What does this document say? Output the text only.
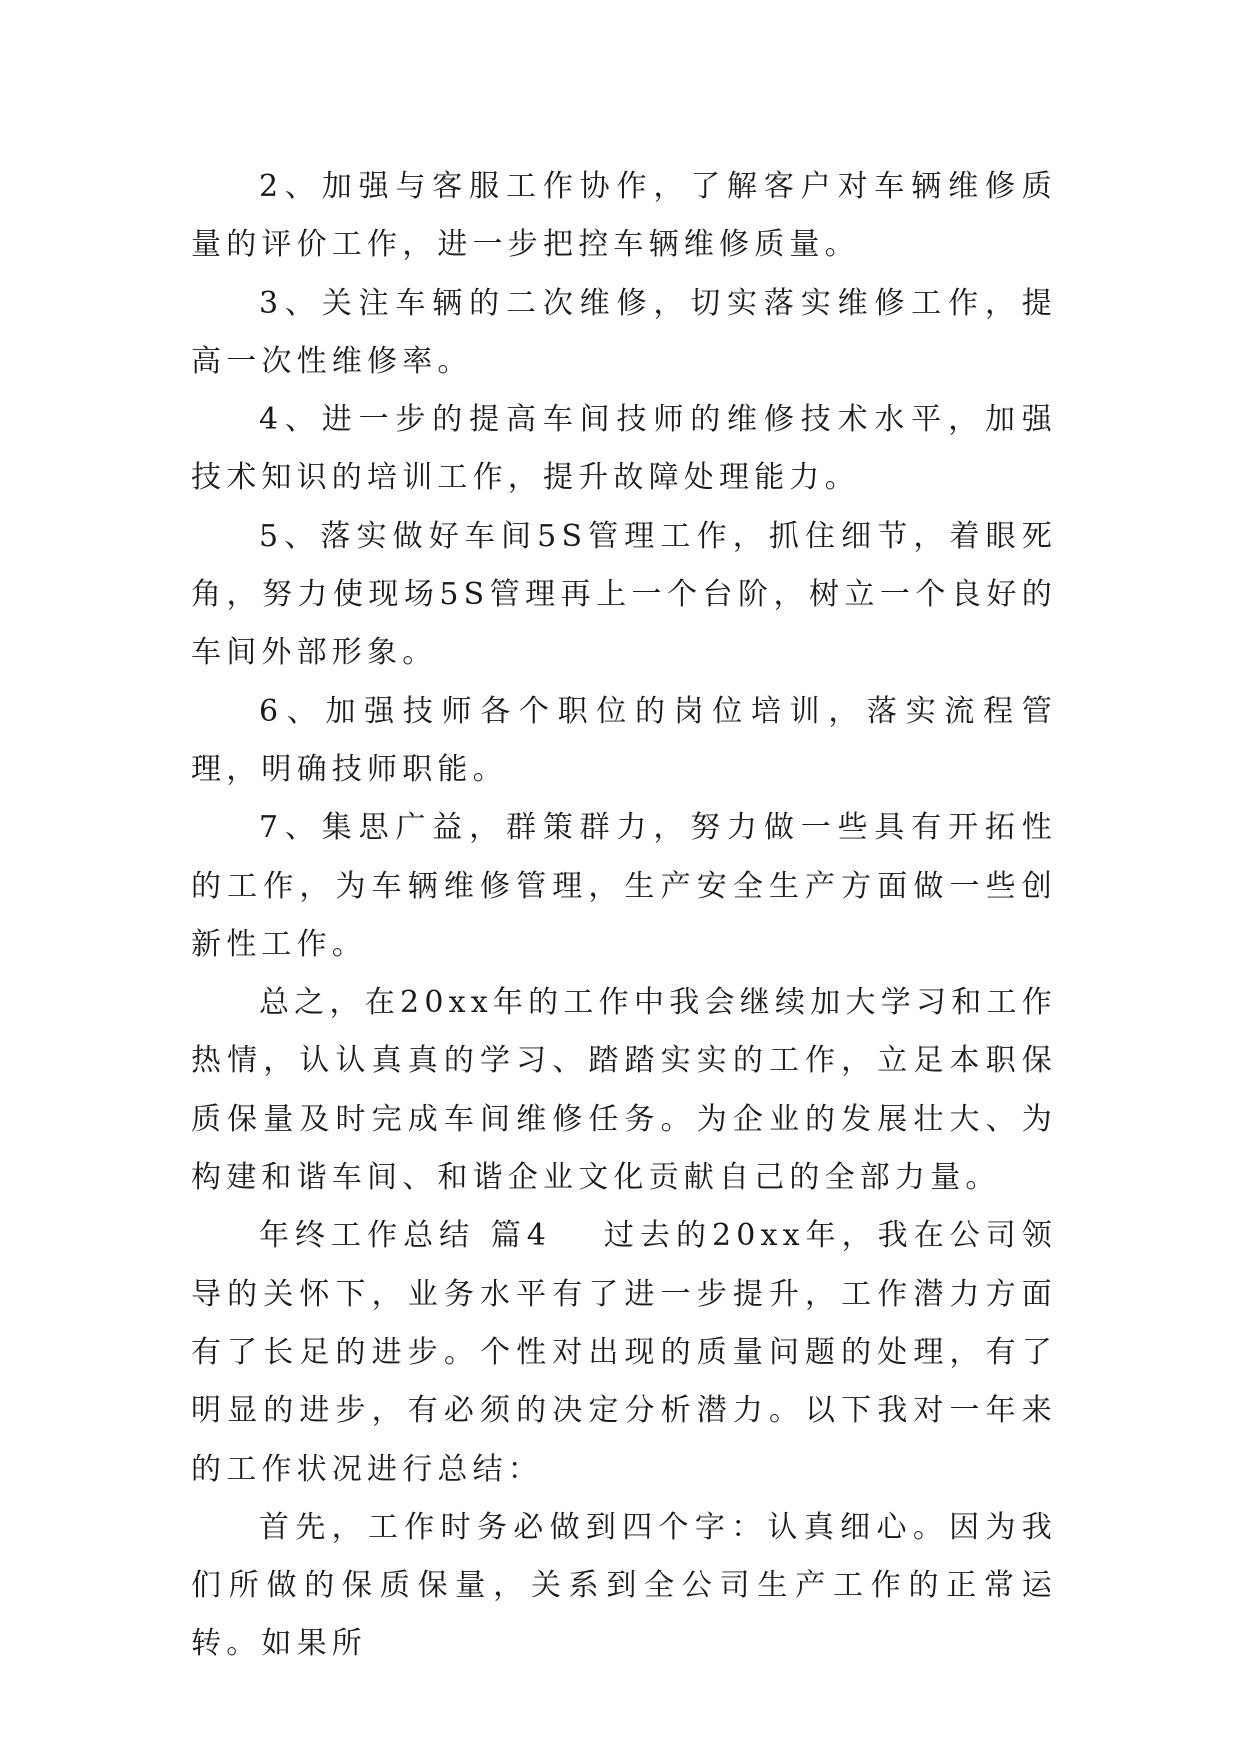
2、加强与客服工作协作，了解客户对车辆维修质量的评价工作，进一步把控车辆维修质量。

3、关注车辆的二次维修，切实落实维修工作，提高一次性维修率。

4、进一步的提高车间技师的维修技术水平，加强技术知识的培训工作，提升故障处理能力。

5、落实做好车间5S管理工作，抓住细节，着眼死角，努力使现场5S管理再上一个台阶，树立一个良好的车间外部形象。

6、加强技师各个职位的岗位培训，落实流程管理，明确技师职能。

7、集思广益，群策群力，努力做一些具有开拓性的工作，为车辆维修管理，生产安全生产方面做一些创新性工作。

总之，在20xx年的工作中我会继续加大学习和工作热情，认认真真的学习、踏踏实实的工作，立足本职保质保量及时完成车间维修任务。为企业的发展壮大、为构建和谐车间、和谐企业文化贡献自己的全部力量。

年终工作总结 篇4 过去的20xx年，我在公司领导的关怀下，业务水平有了进一步提升，工作潜力方面有了长足的进步。个性对出现的质量问题的处理，有了明显的进步，有必须的决定分析潜力。以下我对一年来的工作状况进行总结：

首先，工作时务必做到四个字：认真细心。因为我们所做的保质保量，关系到全公司生产工作的正常运转。如果所
